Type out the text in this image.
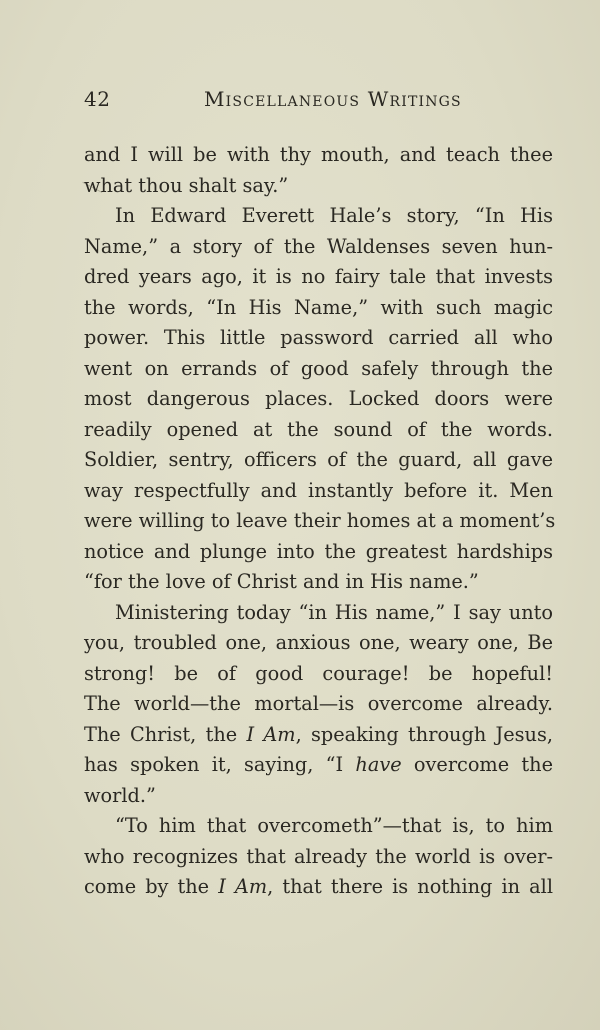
42	Miscellaneous Writings
and I will be with thy mouth, and teach thee
what thou shalt say.”
In Edward Everett Hale’s story, “In His
Name,” a story of the Waldenses seven hun-
dred years ago, it is no fairy tale that invests
the words, “In His Name,” with such magic
power. This little password carried all who
went on errands of good safely through the
most dangerous places. Locked doors were
readily opened at the sound of the words.
Soldier, sentry, officers of the guard, all gave
way respectfully and instantly before it. Men
were willing to leave their homes at a moment’s
notice and plunge into the greatest hardships
“for the love of Christ and in His name.”
Ministering today “in His name,” I say unto
you, troubled one, anxious one, weary one, Be
strong! be of good courage! be hopeful!
The world—the mortal—is overcome already.
The Christ, the I Am, speaking through Jesus,
has spoken it, saying, “I have overcome the
world.”
“To him that overcometh”—that is, to him
who recognizes that already the world is over-
come by the I Am, that there is nothing in all
